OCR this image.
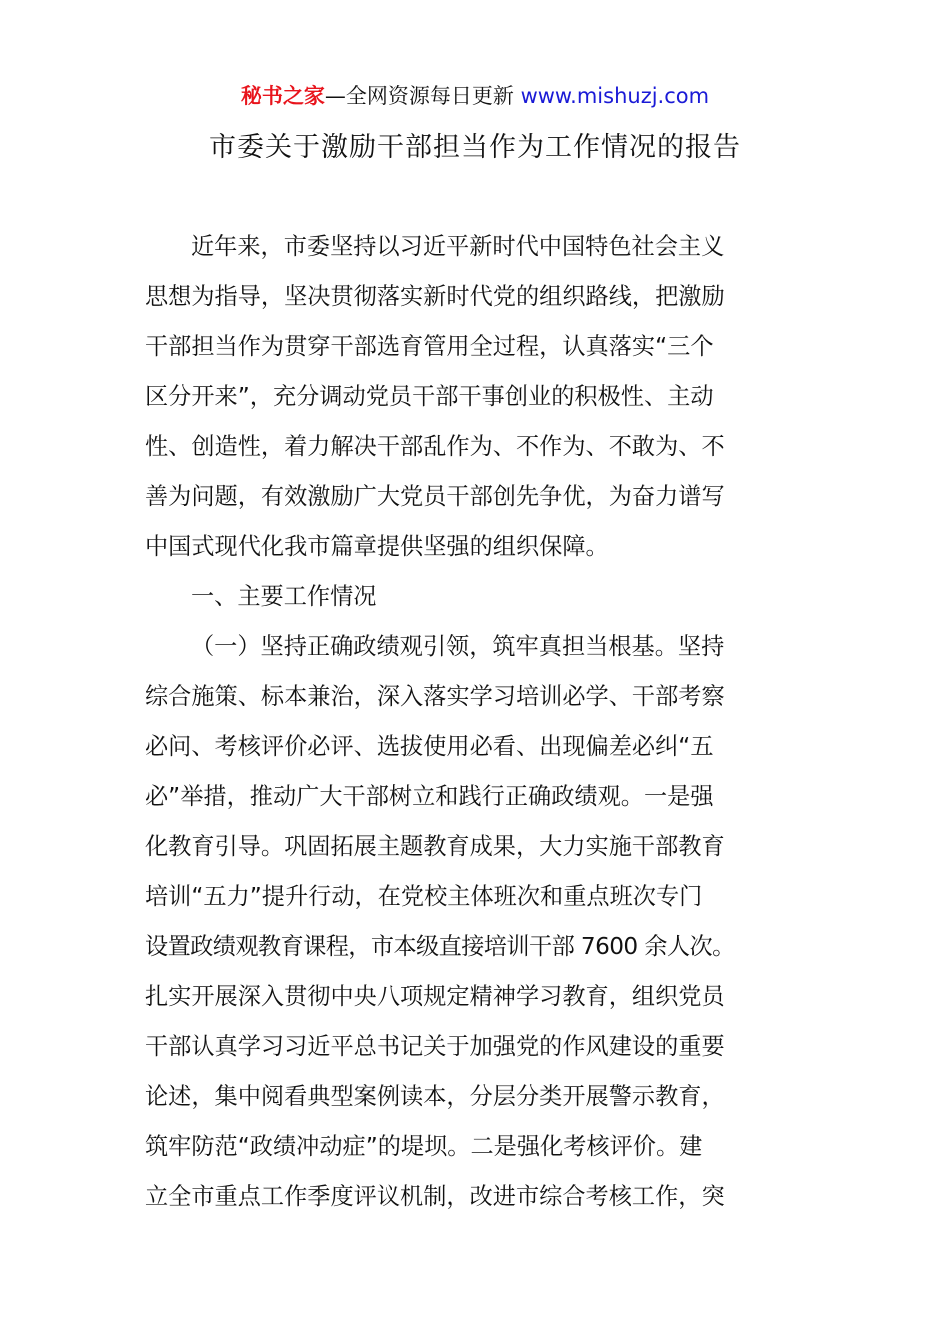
秘书之家—全网资源每日更新 www.mishuzj.com
市委关于激励干部担当作为工作情况的报告
近年来，市委坚持以习近平新时代中国特色社会主义
思想为指导，坚决贯彻落实新时代党的组织路线，把激励
干部担当作为贯穿干部选育管用全过程，认真落实“三个
区分开来”，充分调动党员干部干事创业的积极性、主动
性、创造性，着力解决干部乱作为、不作为、不敢为、不
善为问题，有效激励广大党员干部创先争优，为奋力谱写
中国式现代化我市篇章提供坚强的组织保障。
一、主要工作情况
（一）坚持正确政绩观引领，筑牢真担当根基。坚持
综合施策、标本兼治，深入落实学习培训必学、干部考察
必问、考核评价必评、选拔使用必看、出现偏差必纠“五
必”举措，推动广大干部树立和践行正确政绩观。一是强
化教育引导。巩固拓展主题教育成果，大力实施干部教育
培训“五力”提升行动，在党校主体班次和重点班次专门
设置政绩观教育课程，市本级直接培训干部 7600 余人次。
扎实开展深入贯彻中央八项规定精神学习教育，组织党员
干部认真学习习近平总书记关于加强党的作风建设的重要
论述，集中阅看典型案例读本，分层分类开展警示教育，
筑牢防范“政绩冲动症”的堤坝。二是强化考核评价。建
立全市重点工作季度评议机制，改进市综合考核工作，突
